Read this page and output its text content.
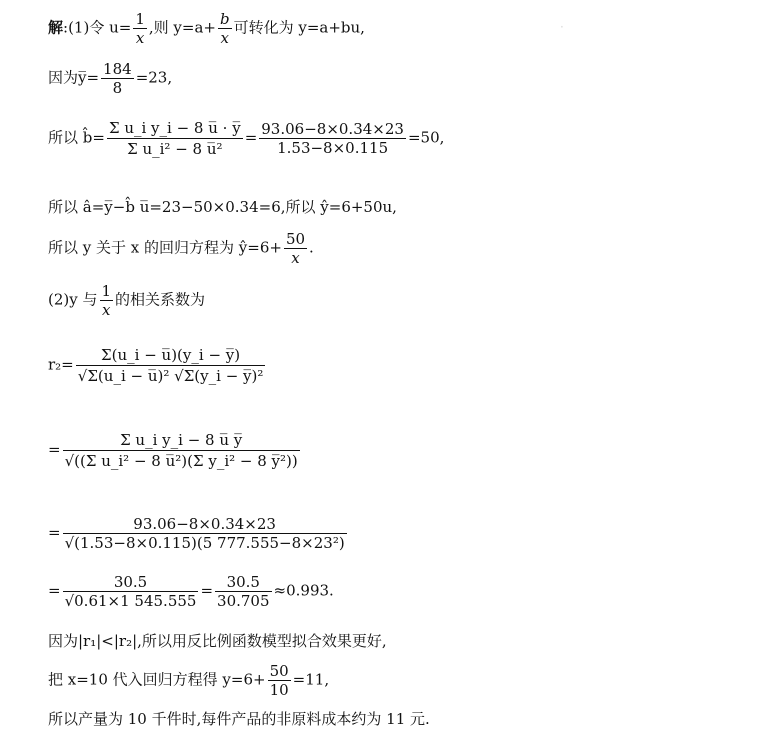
·
解:(1)令 $u= \frac{1}{x}$ ,则 $y=a+ \frac{b}{x}$ 可转化为 y=a+bu,
因为y̅= $\frac{184}{8} =23$,
所以 b̂= $\frac{\text{Σ u\_i y\_i − 8 u̅ · y̅}}{\text{Σ u\_i² − 8 u̅²}} = \frac{93.06-8\times 0.34\times 23}{1.53-8\times 0.115} =50$,
所以 â=y̅−b̂ u̅=23−50×0.34=6,所以 ŷ=6+50u,
所以 y 关于 x 的回归方程为 ŷ=6+ $\frac{50}{x}$ .
(2)y 与 $\frac{1}{x}$ 的相关系数为
$r_2= \frac{\Sigma(u\_i - u̅)(y\_i - y̅)}{\text{√Σ(u\_i − u̅)² √Σ(y\_i − y̅)²}}$
= $\frac{\text{Σ u\_i y\_i − 8 u̅ y̅}}{\text{√((Σ u\_i² − 8 u̅²)(Σ y\_i² − 8 y̅²))}}$
= $\frac{93.06-8\times 0.34\times 23}{\text{√(1.53−8×0.115)(5 777.555−8×23²)}}$
= $\frac{30.5}{√0.61\times 1 545.555} = \frac{30.5}{30.705} \approx 0.993$.
因为|r₁|<|r₂|,所以用反比例函数模型拟合效果更好,
把 x=10 代入回归方程得 $y=6+ \frac{50}{10} =11$,
所以产量为 10 千件时,每件产品的非原料成本约为 11 元.
